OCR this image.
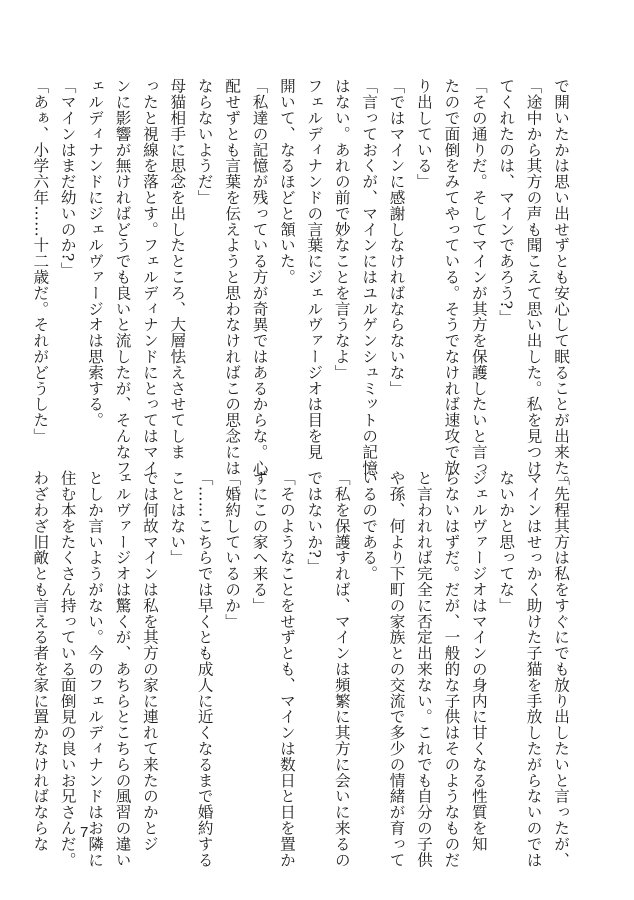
で開いたかは思い出せずとも安心して眠ることが出来た。
「途中から其方の声も聞こえて思い出した。私を見つけ
てくれたのは、マインであろう?」
「その通りだ。そしてマインが其方を保護したいと言っ
たので面倒をみてやっている。そうでなければ速攻で放
り出している」
「ではマインに感謝しなければならないな」
「言っておくが、マインにはユルゲンシュミットの記憶
はない。あれの前で妙なことを言うなよ」
フェルディナンドの言葉にジェルヴァージオは目を見
開いて、なるほどと頷いた。
「私達の記憶が残っている方が奇異ではあるからな。心
配せずとも言葉を伝えようと思わなければこの思念には
ならないようだ」
母猫相手に思念を出したところ、大層怯えさせてしま
ったと視線を落とす。フェルディナンドにとってはマイ
ンに影響が無ければどうでも良いと流したが、そんなフ
ェルディナンドにジェルヴァージオは思索する。
「マインはまだ幼いのか?」
「あぁ、小学六年……十二歳だ。それがどうした」
「先程其方は私をすぐにでも放り出したいと言ったが、
マインはせっかく助けた子猫を手放したがらないのでは
ないかと思ってな」
ジェルヴァージオはマインの身内に甘くなる性質を知
らないはずだ。だが、一般的な子供はそのようなものだ
と言われれば完全に否定出来ない。これでも自分の子供
や孫、何より下町の家族との交流で多少の情緒が育って
いるのである。
「私を保護すれば、マインは頻繁に其方に会いに来るの
ではないか?」
「そのようなことをせずとも、マインは数日と日を置か
ずにこの家へ来る」
「婚約しているのか」
「……こちらでは早くとも成人に近くなるまで婚約する
ことはない」
では何故マインは私を其方の家に連れて来たのかとジ
ェルヴァージオは驚くが、あちらとこちらの風習の違い
としか言いようがない。今のフェルディナンドはお隣に
住む本をたくさん持っている面倒見の良いお兄さんだ。
わざわざ旧敵とも言える者を家に置かなければならな 7
